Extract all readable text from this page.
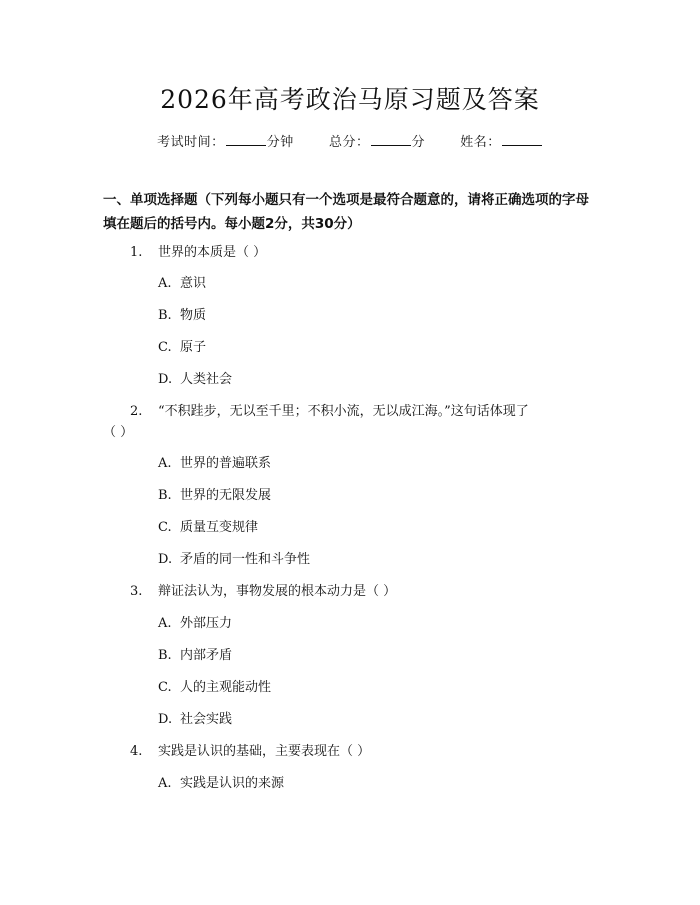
2026年高考政治马原习题及答案
考试时间：	分钟	总分：	分	姓名：
一、单项选择题（下列每小题只有一个选项是最符合题意的，请将正确选项的字母填在题后的括号内。每小题2分，共30分）
1. 世界的本质是（ ）
A. 意识
B. 物质
C. 原子
D. 人类社会
2. “不积跬步，无以至千里；不积小流，无以成江海。”这句话体现了
（ ）
A. 世界的普遍联系
B. 世界的无限发展
C. 质量互变规律
D. 矛盾的同一性和斗争性
3. 辩证法认为，事物发展的根本动力是（ ）
A. 外部压力
B. 内部矛盾
C. 人的主观能动性
D. 社会实践
4. 实践是认识的基础，主要表现在（ ）
A. 实践是认识的来源
